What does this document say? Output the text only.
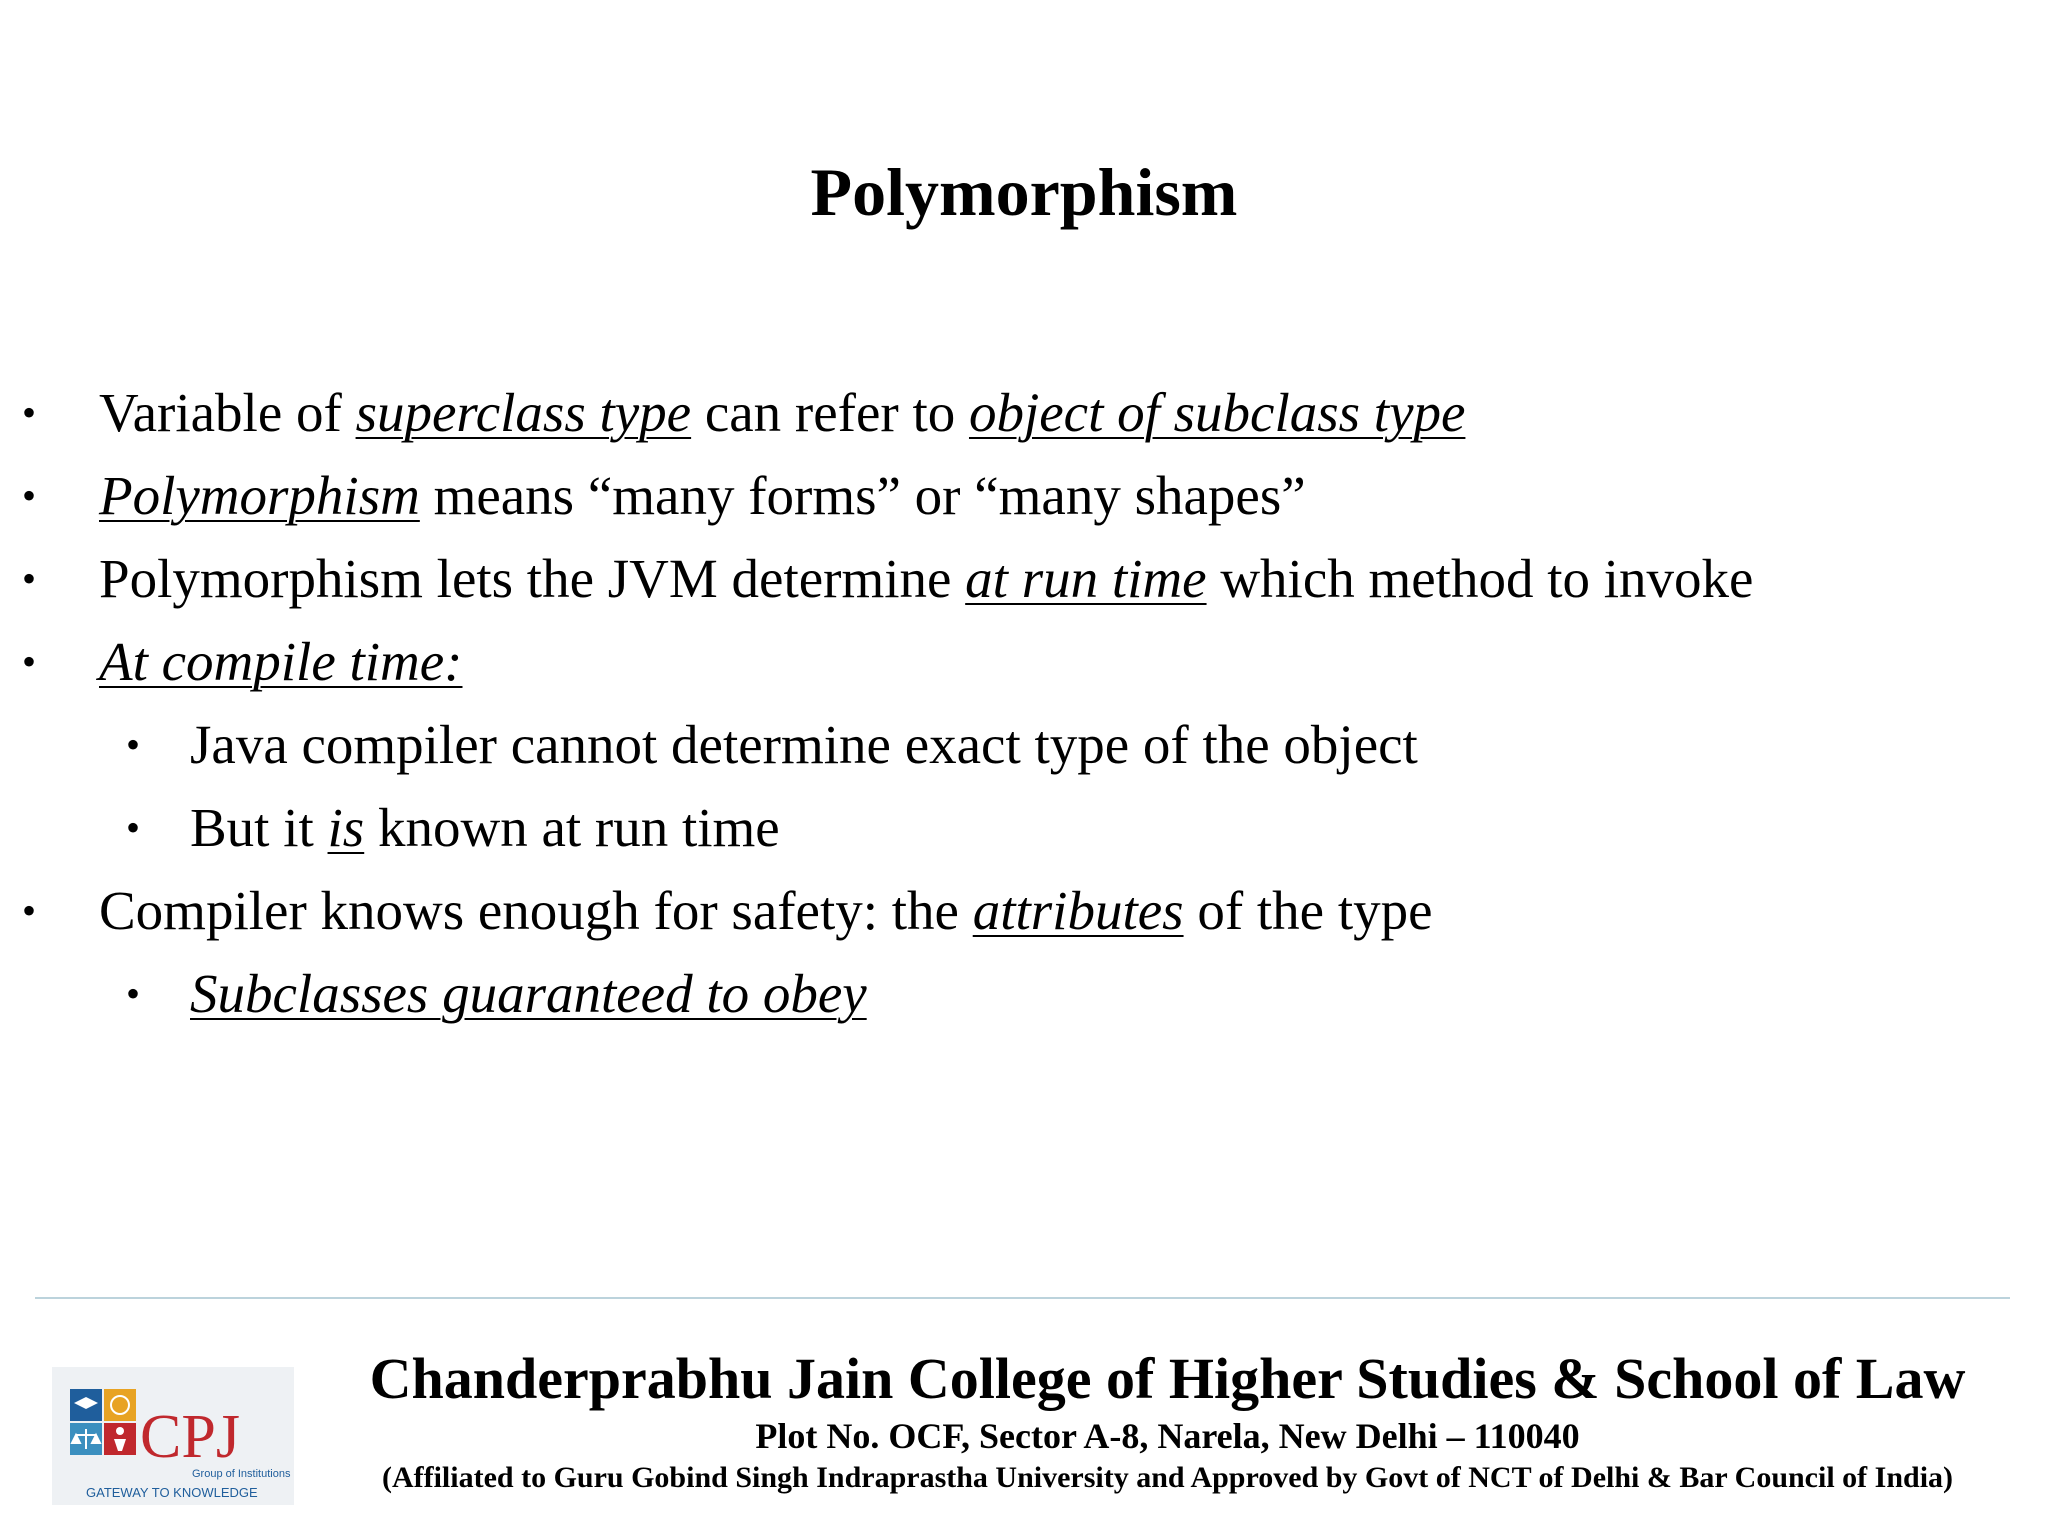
Polymorphism
• Variable of superclass type can refer to object of subclass type
• Polymorphism means “many forms” or “many shapes”
• Polymorphism lets the JVM determine at run time which method to invoke
• At compile time:
• Java compiler cannot determine exact type of the object
• But it is known at run time
• Compiler knows enough for safety: the attributes of the type
• Subclasses guaranteed to obey
CPJ
Group of Institutions
GATEWAY TO KNOWLEDGE
Chanderprabhu Jain College of Higher Studies & School of Law
Plot No. OCF, Sector A-8, Narela, New Delhi – 110040
(Affiliated to Guru Gobind Singh Indraprastha University and Approved by Govt of NCT of Delhi & Bar Council of India)
